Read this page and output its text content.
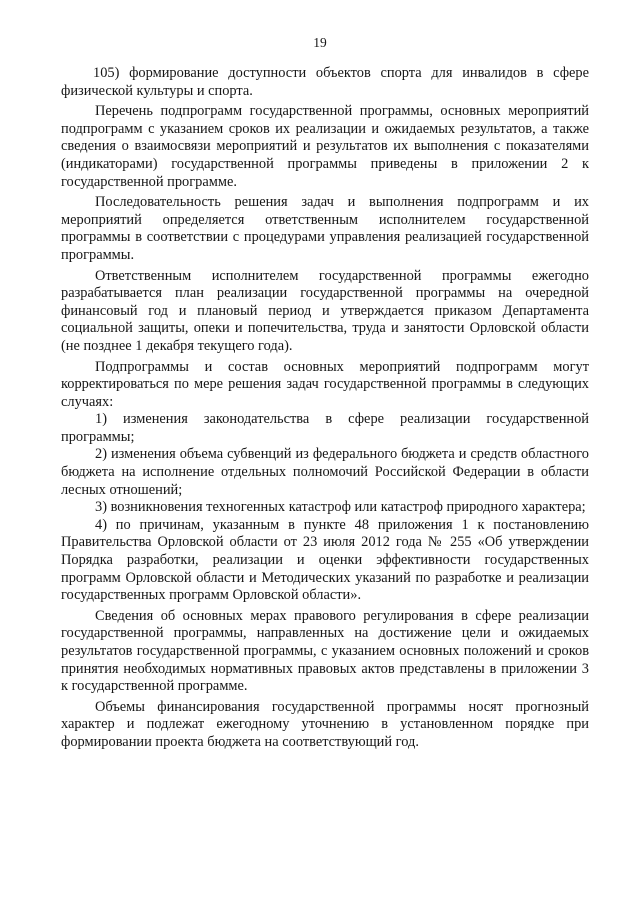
19

105) формирование доступности объектов спорта для инвалидов в сфере физической культуры и спорта.

Перечень подпрограмм государственной программы, основных мероприятий подпрограмм с указанием сроков их реализации и ожидаемых результатов, а также сведения о взаимосвязи мероприятий и результатов их выполнения с показателями (индикаторами) государственной программы приведены в приложении 2 к государственной программе.

Последовательность решения задач и выполнения подпрограмм и их мероприятий определяется ответственным исполнителем государственной программы в соответствии с процедурами управления реализацией государственной программы.

Ответственным исполнителем государственной программы ежегодно разрабатывается план реализации государственной программы на очередной финансовый год и плановый период и утверждается приказом Департамента социальной защиты, опеки и попечительства, труда и занятости Орловской области (не позднее 1 декабря текущего года).

Подпрограммы и состав основных мероприятий подпрограмм могут корректироваться по мере решения задач государственной программы в следующих случаях:

1) изменения законодательства в сфере реализации государственной программы;

2) изменения объема субвенций из федерального бюджета и средств областного бюджета на исполнение отдельных полномочий Российской Федерации в области лесных отношений;

3) возникновения техногенных катастроф или катастроф природного характера;

4) по причинам, указанным в пункте 48 приложения 1 к постановлению Правительства Орловской области от 23 июля 2012 года № 255 «Об утверждении Порядка разработки, реализации и оценки эффективности государственных программ Орловской области и Методических указаний по разработке и реализации государственных программ Орловской области».

Сведения об основных мерах правового регулирования в сфере реализации государственной программы, направленных на достижение цели и ожидаемых результатов государственной программы, с указанием основных положений и сроков принятия необходимых нормативных правовых актов представлены в приложении 3 к государственной программе.

Объемы финансирования государственной программы носят прогнозный характер и подлежат ежегодному уточнению в установленном порядке при формировании проекта бюджета на соответствующий год.
